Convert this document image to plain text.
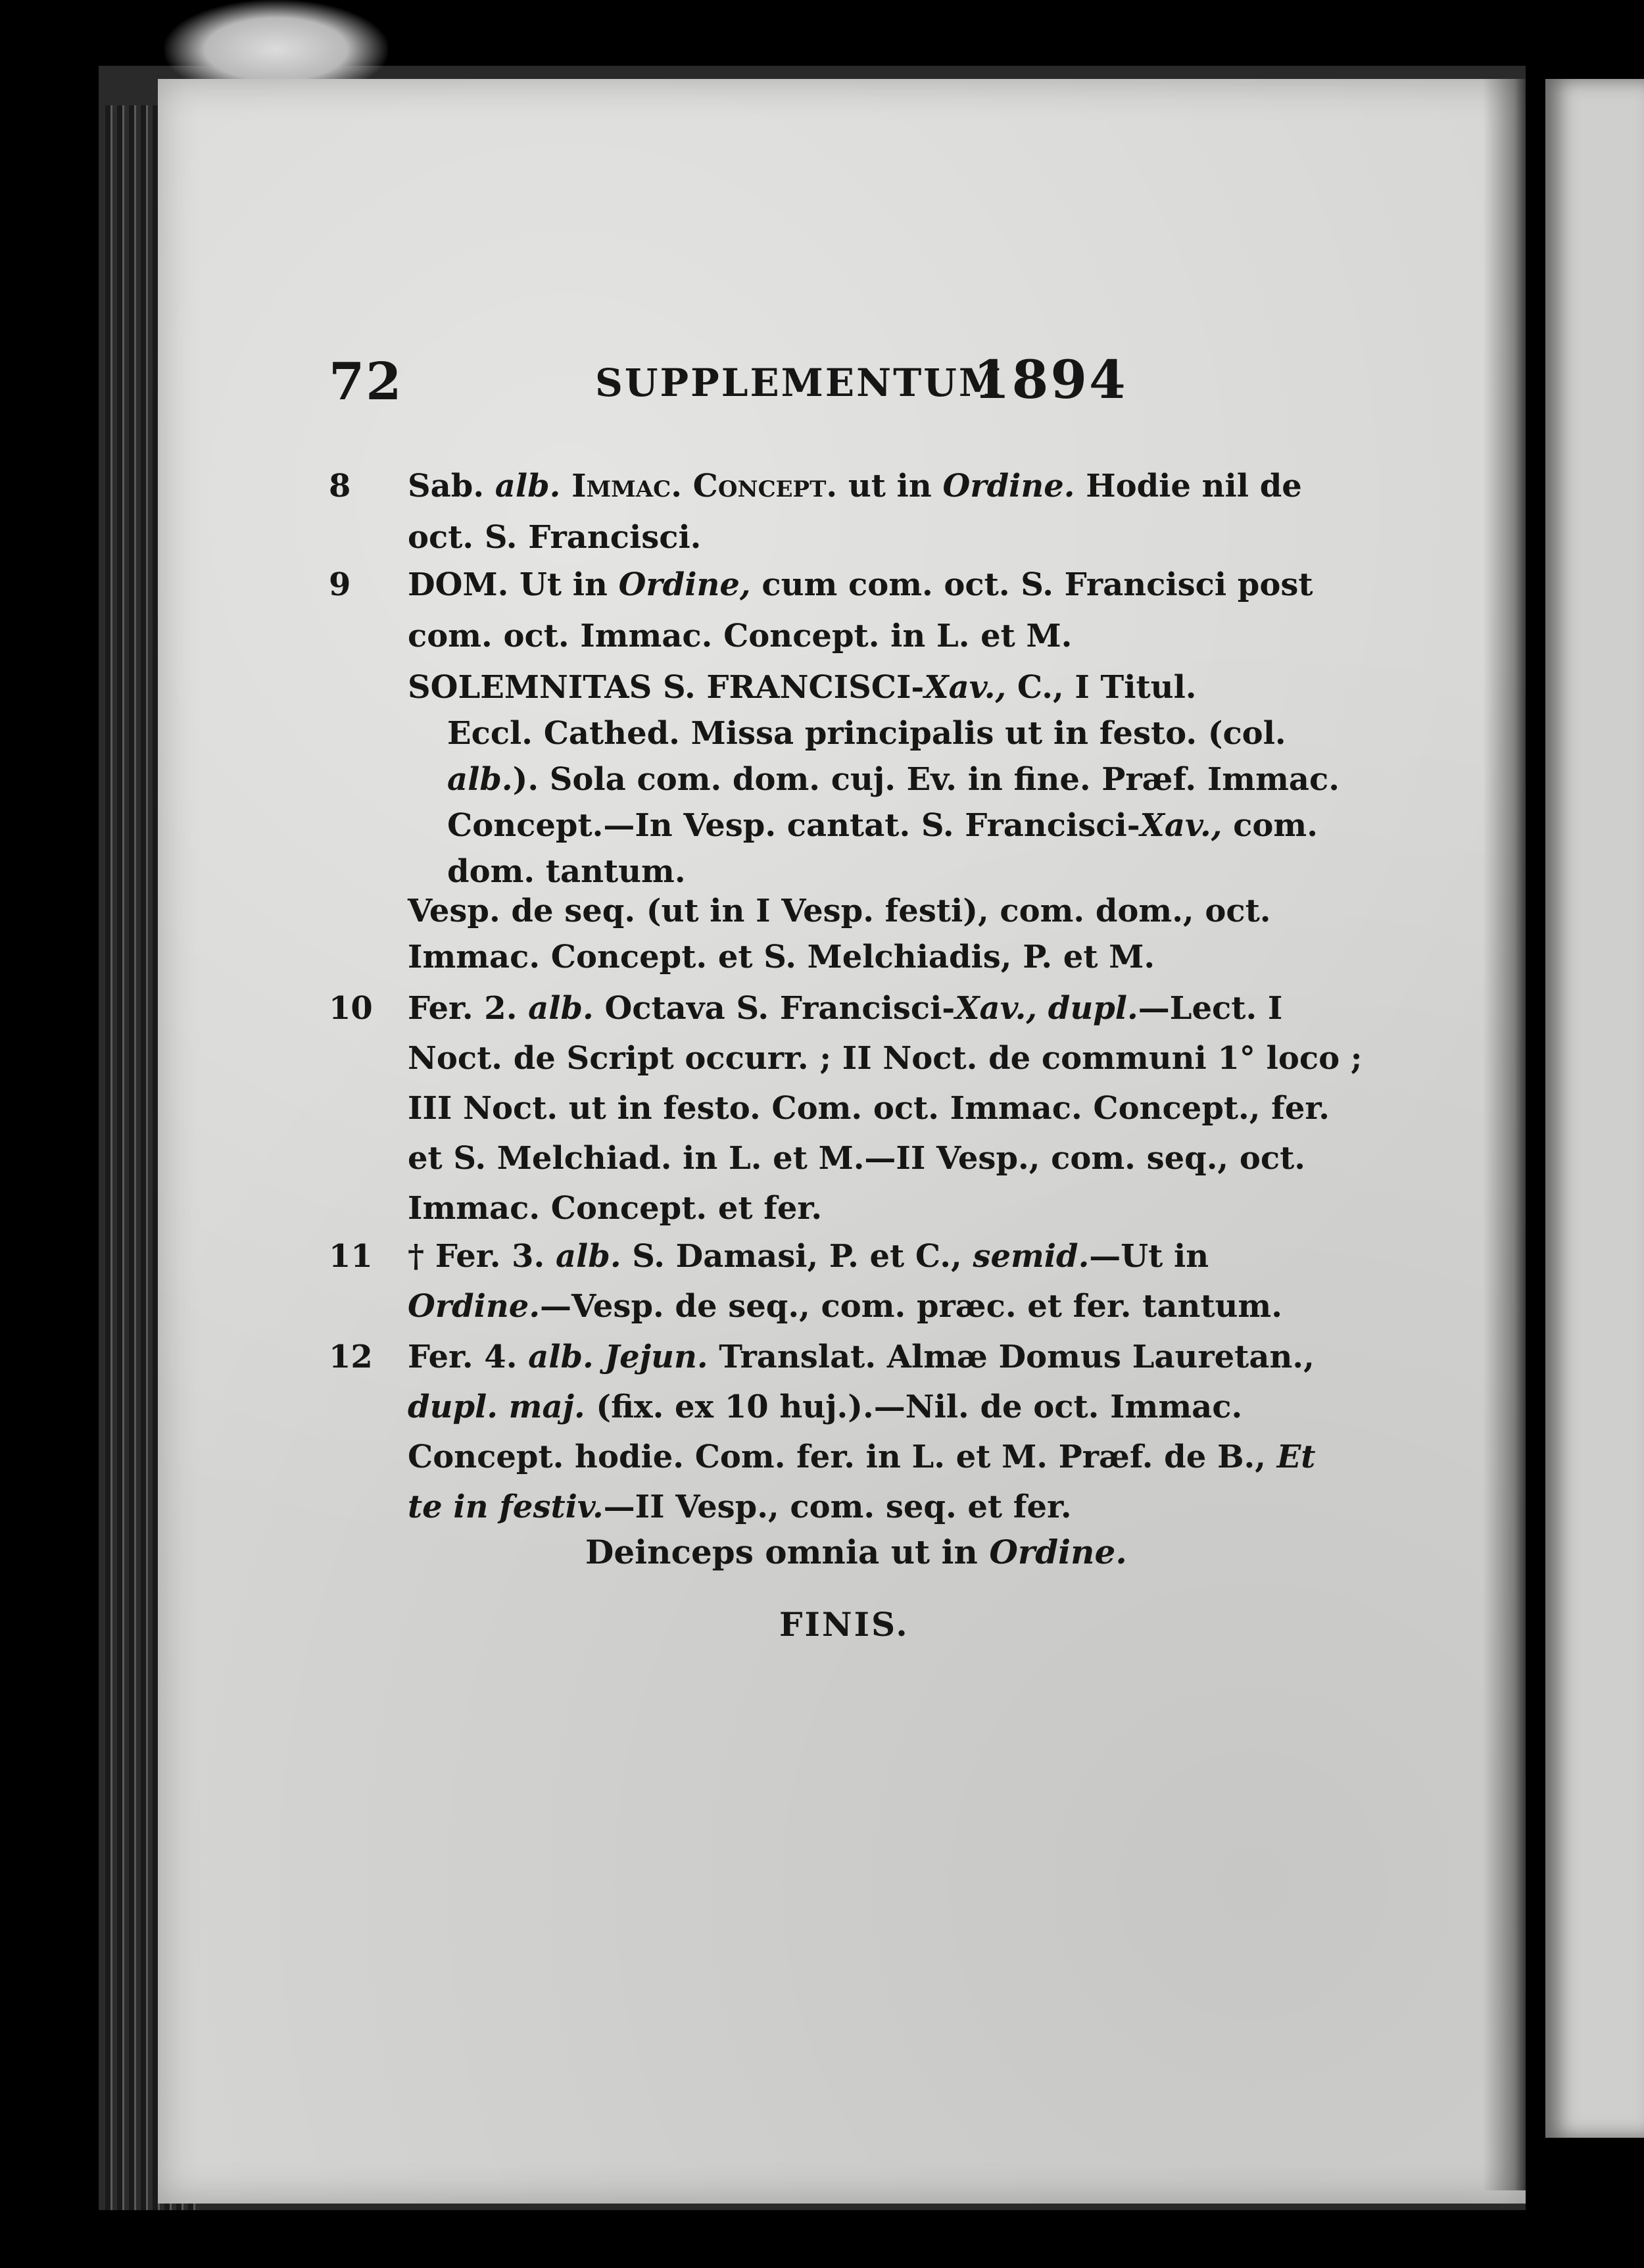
72	SUPPLEMENTUM
1894
8 Sab. alb. Immac. Concept. ut in Ordine. Hodie nil de
oct. S. Francisci.
9 DOM. Ut in Ordine, cum com. oct. S. Francisci post
com. oct. Immac. Concept. in L. et M.
SOLEMNITAS S. FRANCISCI-Xav., C., I Titul.
Eccl. Cathed. Missa principalis ut in festo. (col.
alb.). Sola com. dom. cuj. Ev. in fine. Præf. Immac.
Concept.—In Vesp. cantat. S. Francisci-Xav., com.
dom. tantum.
Vesp. de seq. (ut in I Vesp. festi), com. dom., oct.
Immac. Concept. et S. Melchiadis, P. et M.
10 Fer. 2. alb. Octava S. Francisci-Xav., dupl.—Lect. I
Noct. de Script occurr. ; II Noct. de communi 1° loco ;
III Noct. ut in festo. Com. oct. Immac. Concept., fer.
et S. Melchiad. in L. et M.—II Vesp., com. seq., oct.
Immac. Concept. et fer.
11 † Fer. 3. alb. S. Damasi, P. et C., semid.—Ut in
Ordine.—Vesp. de seq., com. præc. et fer. tantum.
12 Fer. 4. alb. Jejun. Translat. Almæ Domus Lauretan.,
dupl. maj. (fix. ex 10 huj.).—Nil. de oct. Immac.
Concept. hodie. Com. fer. in L. et M. Præf. de B., Et
te in festiv.—II Vesp., com. seq. et fer.
Deinceps omnia ut in Ordine.
FINIS.
